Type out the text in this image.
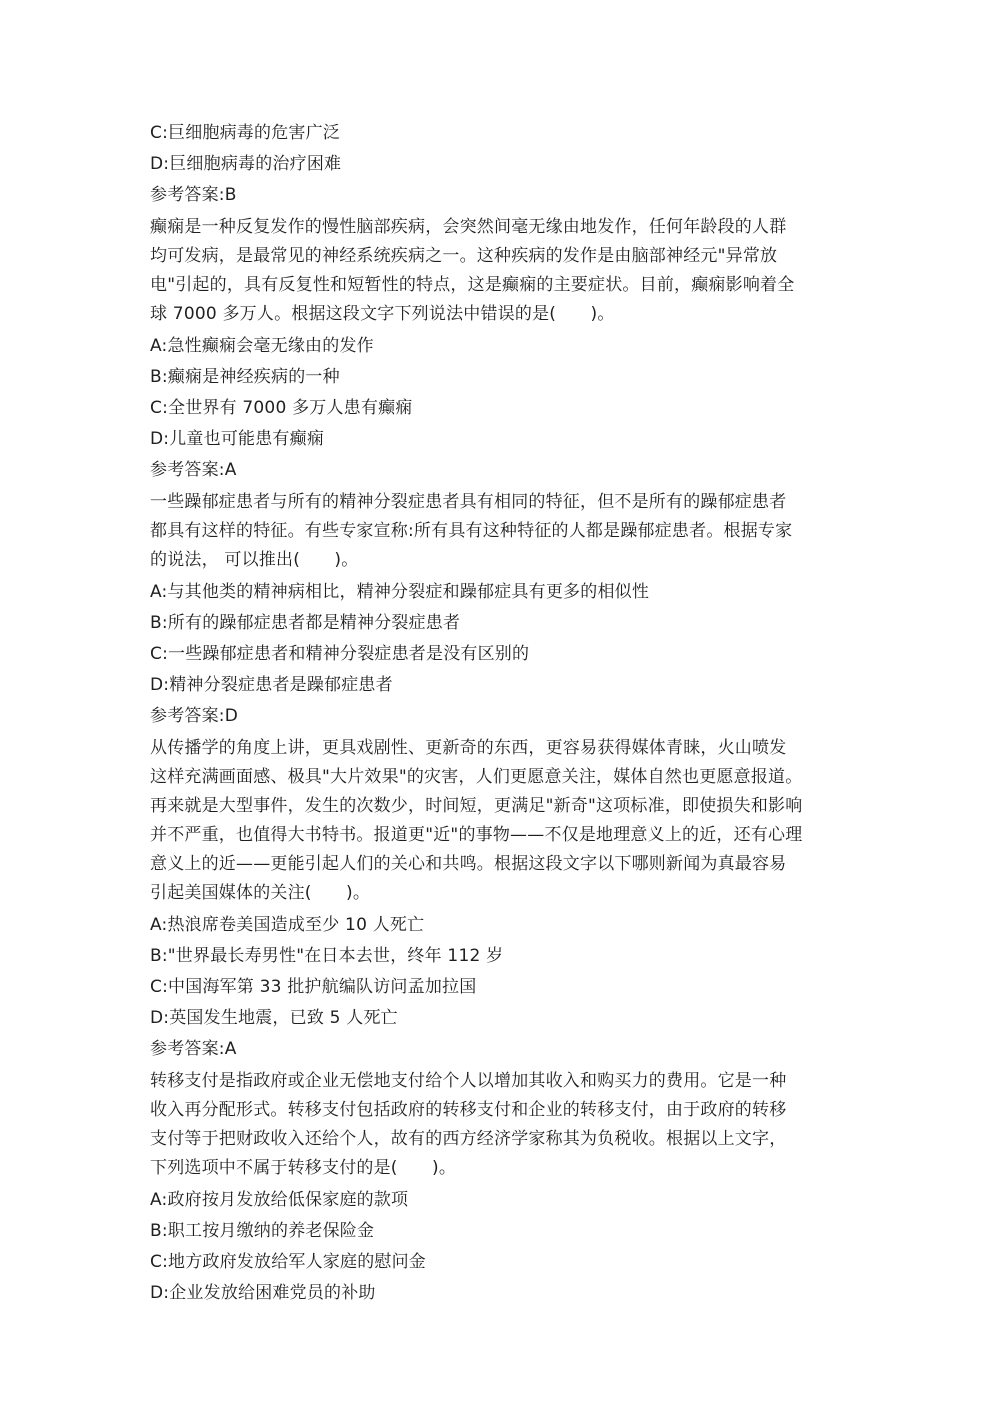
C:巨细胞病毒的危害广泛
D:巨细胞病毒的治疗困难
参考答案:B
癫痫是一种反复发作的慢性脑部疾病，会突然间毫无缘由地发作，任何年龄段的人群
均可发病，是最常见的神经系统疾病之一。这种疾病的发作是由脑部神经元"异常放
电"引起的，具有反复性和短暂性的特点，这是癫痫的主要症状。目前，癫痫影响着全
球 7000 多万人。根据这段文字下列说法中错误的是(　　)。
A:急性癫痫会毫无缘由的发作
B:癫痫是神经疾病的一种
C:全世界有 7000 多万人患有癫痫
D:儿童也可能患有癫痫
参考答案:A
一些躁郁症患者与所有的精神分裂症患者具有相同的特征，但不是所有的躁郁症患者
都具有这样的特征。有些专家宣称:所有具有这种特征的人都是躁郁症患者。根据专家
的说法， 可以推出(　　)。
A:与其他类的精神病相比，精神分裂症和躁郁症具有更多的相似性
B:所有的躁郁症患者都是精神分裂症患者
C:一些躁郁症患者和精神分裂症患者是没有区别的
D:精神分裂症患者是躁郁症患者
参考答案:D
从传播学的角度上讲，更具戏剧性、更新奇的东西，更容易获得媒体青睐，火山喷发
这样充满画面感、极具"大片效果"的灾害，人们更愿意关注，媒体自然也更愿意报道。
再来就是大型事件，发生的次数少，时间短，更满足"新奇"这项标准，即使损失和影响
并不严重，也值得大书特书。报道更"近"的事物——不仅是地理意义上的近，还有心理
意义上的近——更能引起人们的关心和共鸣。根据这段文字以下哪则新闻为真最容易
引起美国媒体的关注(　　)。
A:热浪席卷美国造成至少 10 人死亡
B:"世界最长寿男性"在日本去世，终年 112 岁
C:中国海军第 33 批护航编队访问孟加拉国
D:英国发生地震，已致 5 人死亡
参考答案:A
转移支付是指政府或企业无偿地支付给个人以增加其收入和购买力的费用。它是一种
收入再分配形式。转移支付包括政府的转移支付和企业的转移支付，由于政府的转移
支付等于把财政收入还给个人，故有的西方经济学家称其为负税收。根据以上文字，
下列选项中不属于转移支付的是(　　)。
A:政府按月发放给低保家庭的款项
B:职工按月缴纳的养老保险金
C:地方政府发放给军人家庭的慰问金
D:企业发放给困难党员的补助
